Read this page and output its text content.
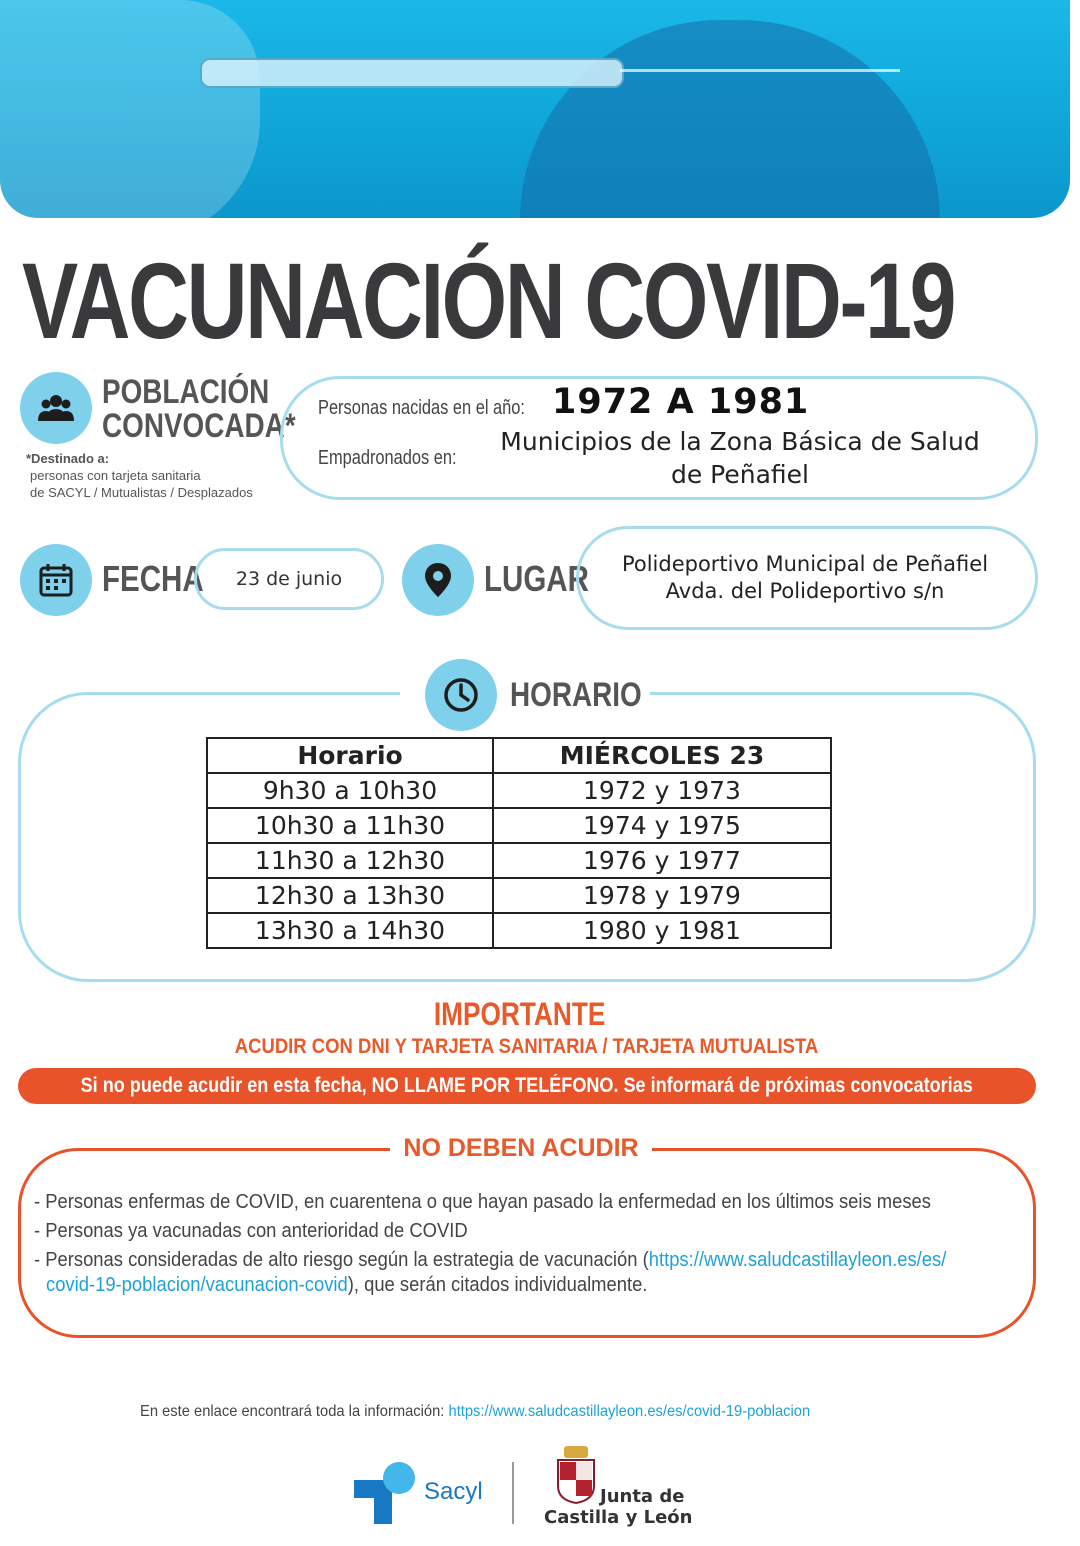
VACUNACIÓN COVID-19
POBLACIÓN
CONVOCADA*
*Destinado a:
personas con tarjeta sanitaria
de SACYL / Mutualistas / Desplazados
Personas nacidas en el año: 1972 A 1981
Empadronados en:
Municipios de la Zona Básica de Salud
de Peñafiel
FECHA	23 de junio	LUGAR	Polideportivo Municipal de Peñafiel
Avda. del Polideportivo s/n
HORARIO
Horario	MIÉRCOLES 23
9h30 a 10h30	1972 y 1973
10h30 a 11h30	1974 y 1975
11h30 a 12h30	1976 y 1977
12h30 a 13h30	1978 y 1979
13h30 a 14h30	1980 y 1981
IMPORTANTE
ACUDIR CON DNI Y TARJETA SANITARIA / TARJETA MUTUALISTA
Si no puede acudir en esta fecha, NO LLAME POR TELÉFONO. Se informará de próximas convocatorias
NO DEBEN ACUDIR
- Personas enfermas de COVID, en cuarentena o que hayan pasado la enfermedad en los últimos seis meses
- Personas ya vacunadas con anterioridad de COVID
- Personas consideradas de alto riesgo según la estrategia de vacunación (https://www.saludcastillayleon.es/es/
covid-19-poblacion/vacunacion-covid), que serán citados individualmente.
En este enlace encontrará toda la información: https://www.saludcastillayleon.es/es/covid-19-poblacion
Sacyl	Junta de
Castilla y León
